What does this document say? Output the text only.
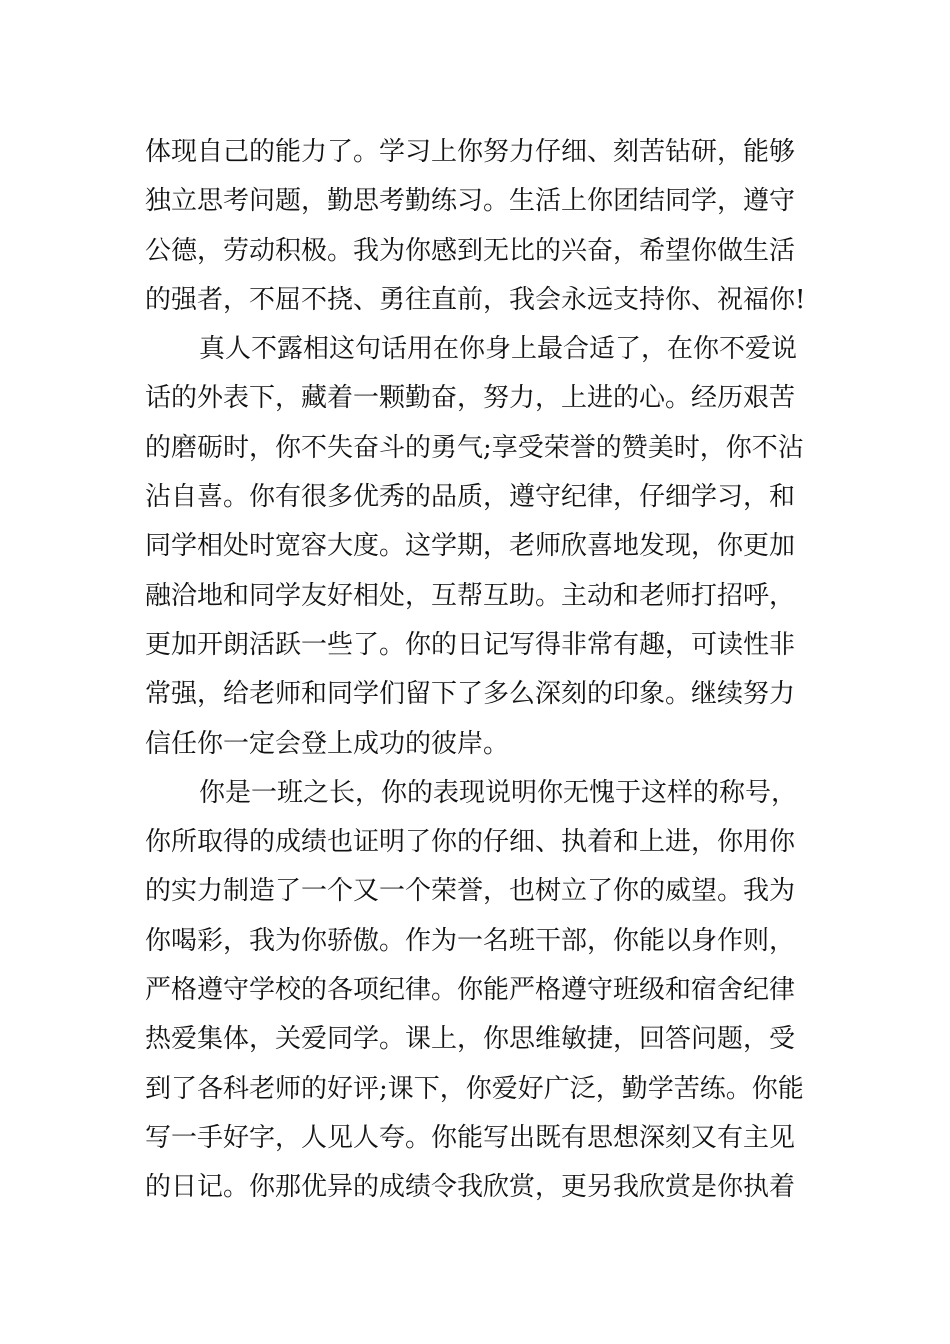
体现自己的能力了。学习上你努力仔细、刻苦钻研，能够
独立思考问题，勤思考勤练习。生活上你团结同学，遵守
公德，劳动积极。我为你感到无比的兴奋，希望你做生活
的强者，不屈不挠、勇往直前，我会永远支持你、祝福你!
真人不露相这句话用在你身上最合适了，在你不爱说
话的外表下，藏着一颗勤奋，努力，上进的心。经历艰苦
的磨砺时，你不失奋斗的勇气;享受荣誉的赞美时，你不沾
沾自喜。你有很多优秀的品质，遵守纪律，仔细学习，和
同学相处时宽容大度。这学期，老师欣喜地发现，你更加
融洽地和同学友好相处，互帮互助。主动和老师打招呼，
更加开朗活跃一些了。你的日记写得非常有趣，可读性非
常强，给老师和同学们留下了多么深刻的印象。继续努力
信任你一定会登上成功的彼岸。
你是一班之长，你的表现说明你无愧于这样的称号，
你所取得的成绩也证明了你的仔细、执着和上进，你用你
的实力制造了一个又一个荣誉，也树立了你的威望。我为
你喝彩，我为你骄傲。作为一名班干部，你能以身作则，
严格遵守学校的各项纪律。你能严格遵守班级和宿舍纪律
热爱集体，关爱同学。课上，你思维敏捷，回答问题，受
到了各科老师的好评;课下，你爱好广泛，勤学苦练。你能
写一手好字，人见人夸。你能写出既有思想深刻又有主见
的日记。你那优异的成绩令我欣赏，更另我欣赏是你执着
